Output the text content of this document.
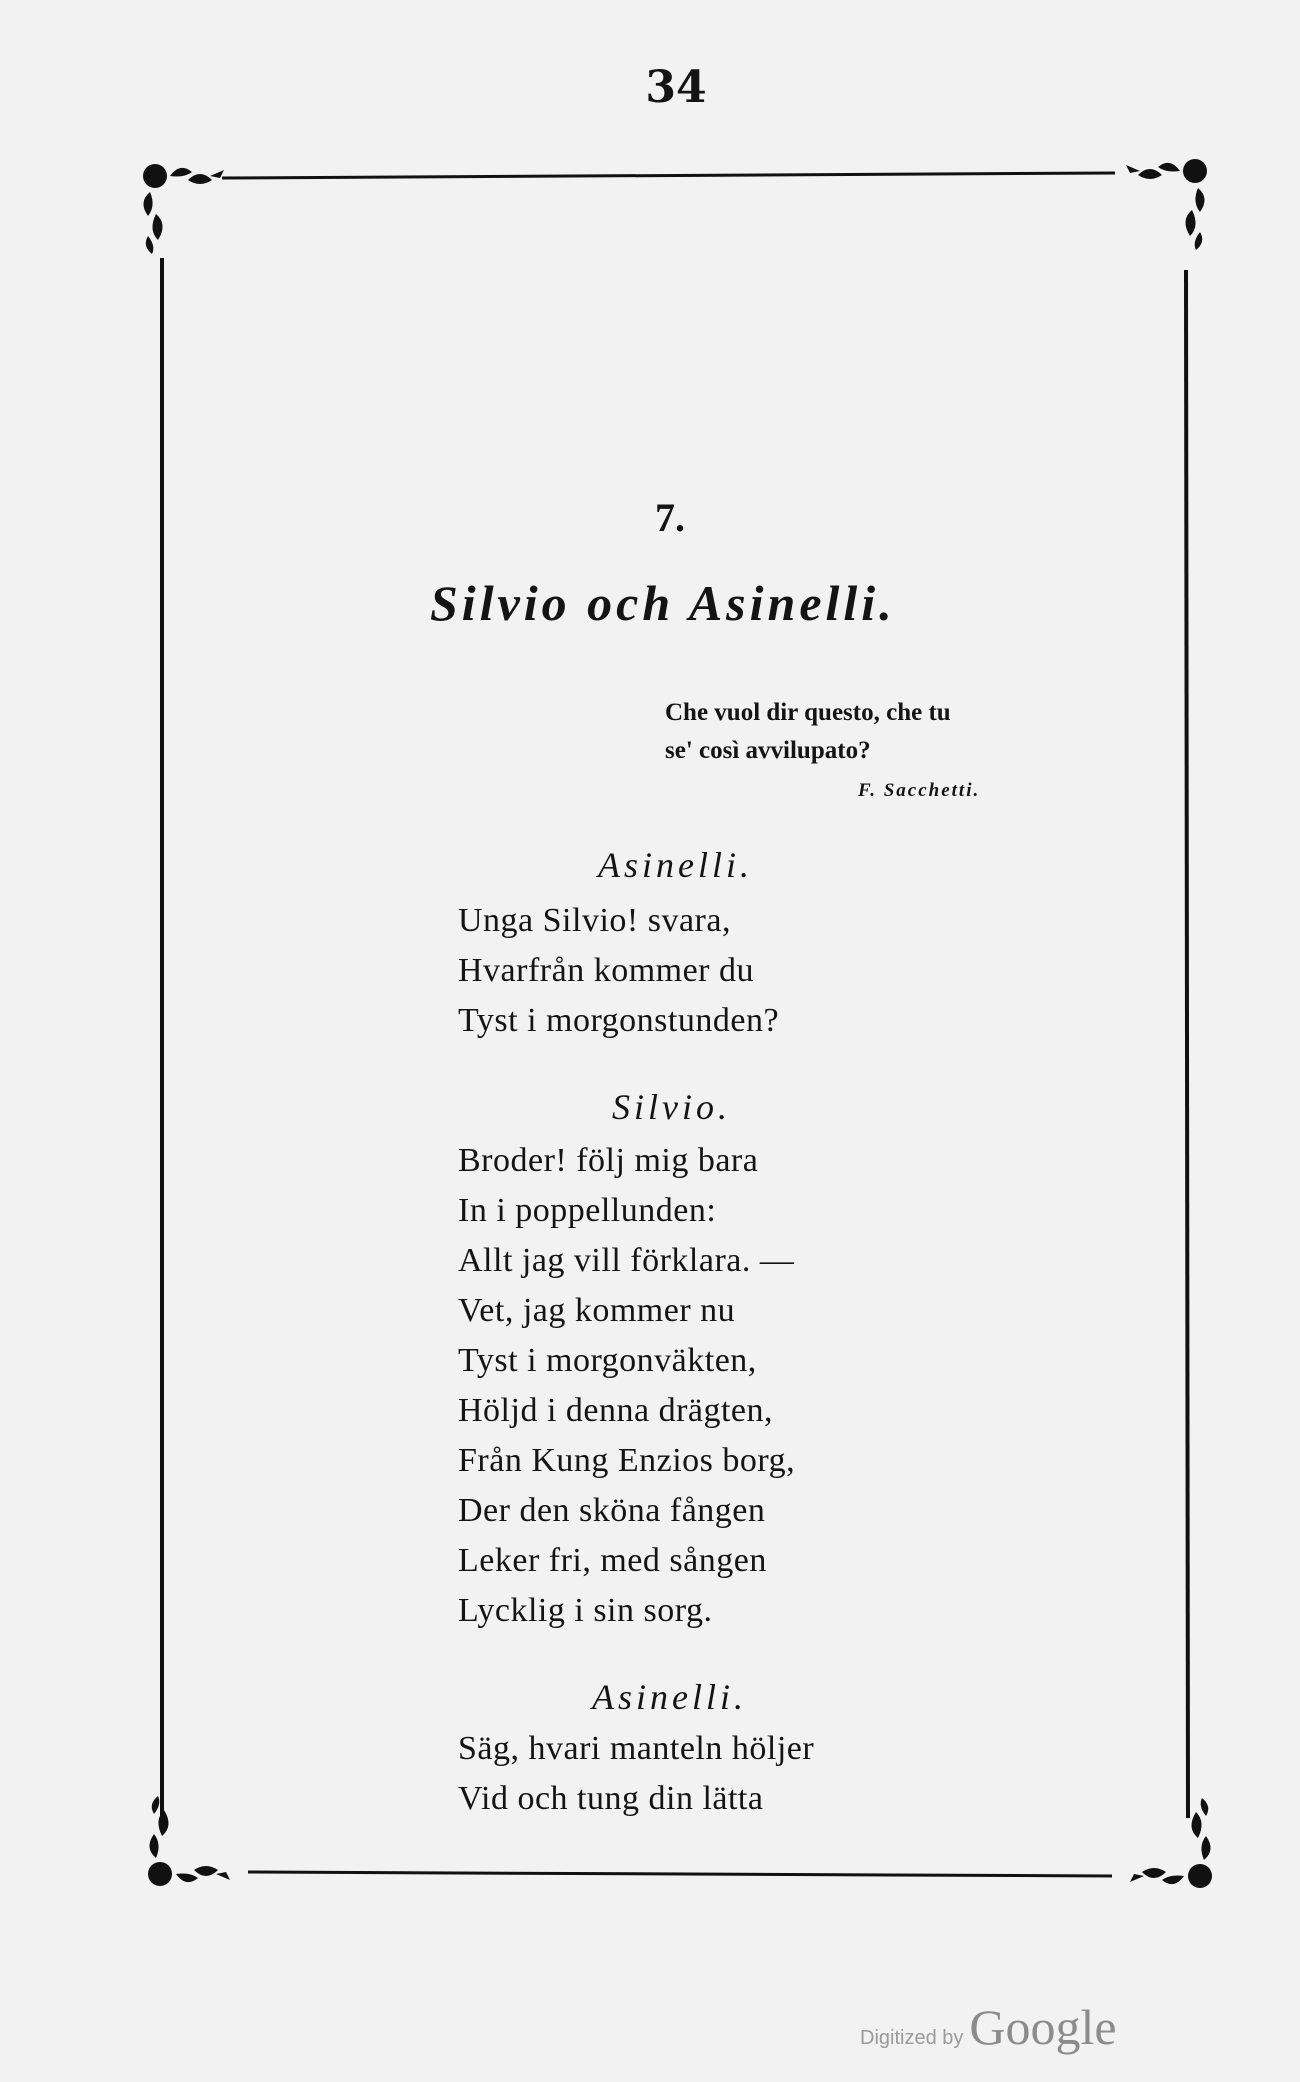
34
7.
Silvio och Asinelli.
Che vuol dir questo, che tu
se' così avvilupato?
F. Sacchetti.
Asinelli.
Unga Silvio! svara,
Hvarfrån kommer du
Tyst i morgonstunden?
Silvio.
Broder! följ mig bara
In i poppellunden:
Allt jag vill förklara. —
Vet, jag kommer nu
Tyst i morgonväkten,
Höljd i denna drägten,
Från Kung Enzios borg,
Der den sköna fången
Leker fri, med sången
Lycklig i sin sorg.
Asinelli.
Säg, hvari manteln höljer
Vid och tung din lätta
Digitized by Google
